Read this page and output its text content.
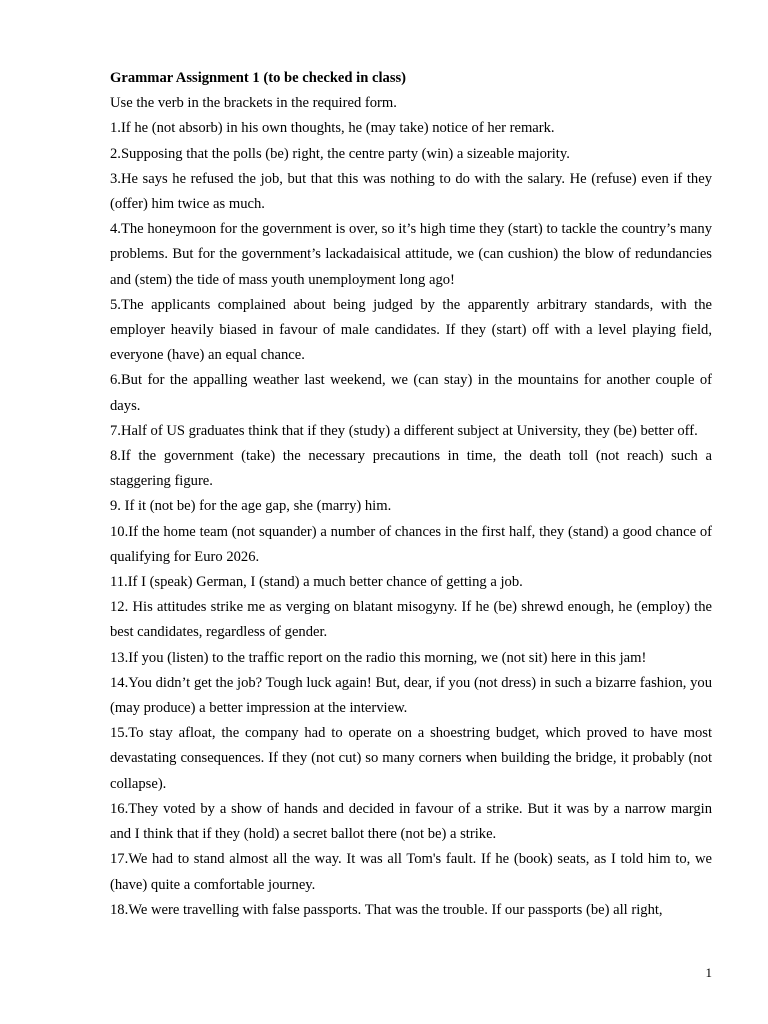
Grammar Assignment 1 (to be checked in class)

Use the verb in the brackets in the required form.

1.If he (not absorb) in his own thoughts, he (may take) notice of her remark.

2.Supposing that the polls (be) right, the centre party (win) a sizeable majority.

3.He says he refused the job, but that this was nothing to do with the salary. He (refuse) even if they (offer) him twice as much.

4.The honeymoon for the government is over, so it’s high time they (start) to tackle the country’s many problems. But for the government’s lackadaisical attitude, we (can cushion) the blow of redundancies and (stem) the tide of mass youth unemployment long ago!

5.The applicants complained about being judged by the apparently arbitrary standards, with the employer heavily biased in favour of male candidates. If they (start) off with a level playing field, everyone (have) an equal chance.

6.But for the appalling weather last weekend, we (can stay) in the mountains for another couple of days.

7.Half of US graduates think that if they (study) a different subject at University, they (be) better off.

8.If the government (take) the necessary precautions in time, the death toll (not reach) such a staggering figure.

9. If it (not be) for the age gap, she (marry) him.

10.If the home team (not squander) a number of chances in the first half, they (stand) a good chance of qualifying for Euro 2026.

11.If I (speak) German, I (stand) a much better chance of getting a job.

12. His attitudes strike me as verging on blatant misogyny. If he (be) shrewd enough, he (employ) the best candidates, regardless of gender.

13.If you (listen) to the traffic report on the radio this morning, we (not sit) here in this jam!

14.You didn’t get the job? Tough luck again! But, dear, if you (not dress) in such a bizarre fashion, you (may produce) a better impression at the interview.

15.To stay afloat, the company had to operate on a shoestring budget, which proved to have most devastating consequences. If they (not cut) so many corners when building the bridge, it probably (not collapse).

16.They voted by a show of hands and decided in favour of a strike. But it was by a narrow margin and I think that if they (hold) a secret ballot there (not be) a strike.

17.We had to stand almost all the way. It was all Tom's fault. If he (book) seats, as I told him to, we (have) quite a comfortable journey.

18.We were travelling with false passports. That was the trouble. If our passports (be) all right,

1
